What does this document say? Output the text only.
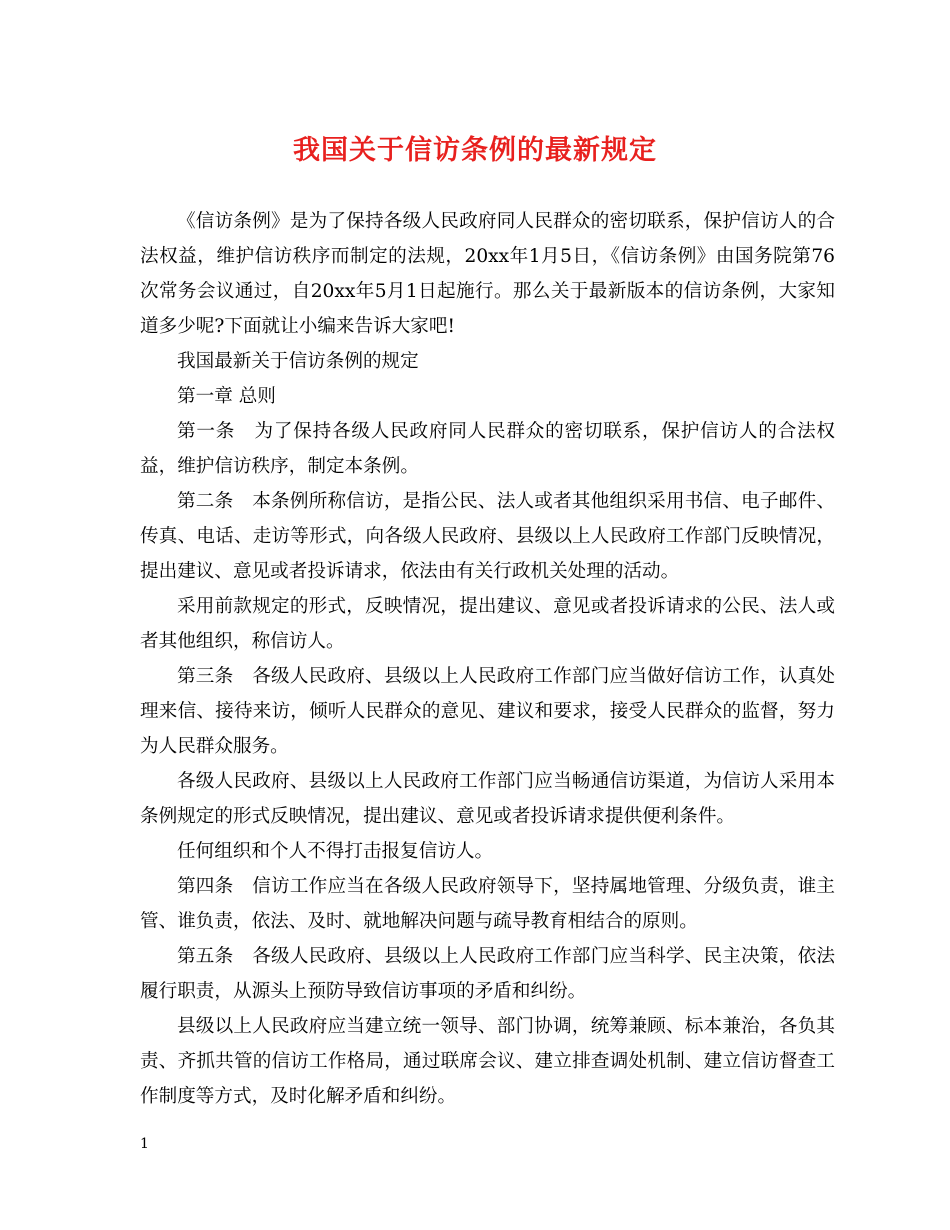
我国关于信访条例的最新规定

《信访条例》是为了保持各级人民政府同人民群众的密切联系，保护信访人的合法权益，维护信访秩序而制定的法规，20xx年1月5日，《信访条例》由国务院第76次常务会议通过，自20xx年5月1日起施行。那么关于最新版本的信访条例，大家知道多少呢?下面就让小编来告诉大家吧!

我国最新关于信访条例的规定

第一章 总则

第一条　为了保持各级人民政府同人民群众的密切联系，保护信访人的合法权益，维护信访秩序，制定本条例。

第二条　本条例所称信访，是指公民、法人或者其他组织采用书信、电子邮件、传真、电话、走访等形式，向各级人民政府、县级以上人民政府工作部门反映情况，提出建议、意见或者投诉请求，依法由有关行政机关处理的活动。

采用前款规定的形式，反映情况，提出建议、意见或者投诉请求的公民、法人或者其他组织，称信访人。

第三条　各级人民政府、县级以上人民政府工作部门应当做好信访工作，认真处理来信、接待来访，倾听人民群众的意见、建议和要求，接受人民群众的监督，努力为人民群众服务。

各级人民政府、县级以上人民政府工作部门应当畅通信访渠道，为信访人采用本条例规定的形式反映情况，提出建议、意见或者投诉请求提供便利条件。

任何组织和个人不得打击报复信访人。

第四条　信访工作应当在各级人民政府领导下，坚持属地管理、分级负责，谁主管、谁负责，依法、及时、就地解决问题与疏导教育相结合的原则。

第五条　各级人民政府、县级以上人民政府工作部门应当科学、民主决策，依法履行职责，从源头上预防导致信访事项的矛盾和纠纷。

县级以上人民政府应当建立统一领导、部门协调，统筹兼顾、标本兼治，各负其责、齐抓共管的信访工作格局，通过联席会议、建立排查调处机制、建立信访督查工作制度等方式，及时化解矛盾和纠纷。

1
